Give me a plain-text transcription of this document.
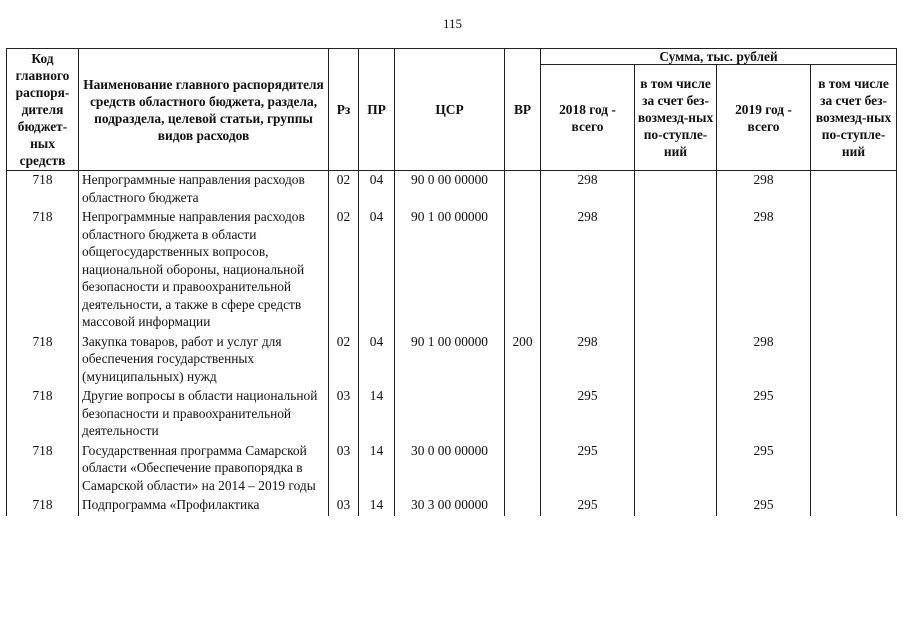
115
Код главного распоря-дителя бюджет-ных средств	Наименование главного распорядителя средств областного бюджета, раздела, подраздела, целевой статьи, группы видов расходов	Рз	ПР	ЦСР	ВР	Сумма, тыс. рублей			
						2018 год - всего	в том числе за счет без-возмезд-ных по-ступле-ний	2019 год - всего	в том числе за счет без-возмезд-ных по-ступле-ний
718	Непрограммные направления расходов областного бюджета	02	04	90 0 00 00000		298		298	
718	Непрограммные направления расходов областного бюджета в области общегосударственных вопросов, национальной обороны, национальной безопасности и правоохранительной деятельности, а также в сфере средств массовой информации	02	04	90 1 00 00000		298		298	
718	Закупка товаров, работ и услуг для обеспечения государственных (муниципальных) нужд	02	04	90 1 00 00000	200	298		298	
718	Другие вопросы в области национальной безопасности и правоохранительной деятельности	03	14			295		295	
718	Государственная программа Самарской области «Обеспечение правопорядка в Самарской области» на 2014 – 2019 годы	03	14	30 0 00 00000		295		295	
718	Подпрограмма «Профилактика	03	14	30 3 00 00000		295		295	
